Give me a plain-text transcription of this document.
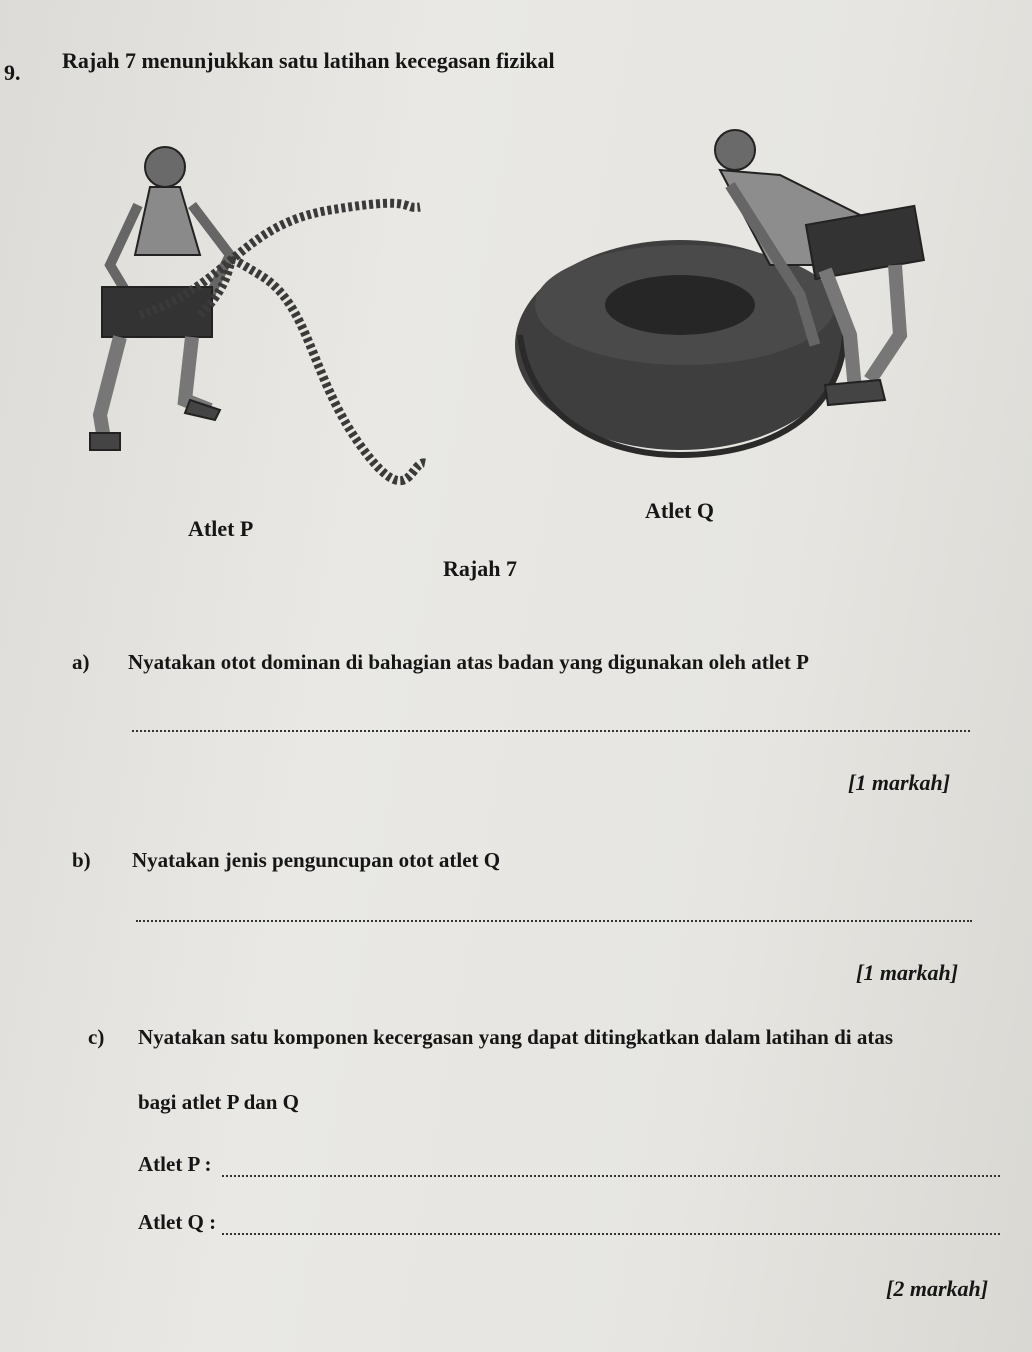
9. Rajah 7 menunjukkan satu latihan kecegasan fizikal
Atlet P
Atlet Q
Rajah 7
a) Nyatakan otot dominan di bahagian atas badan yang digunakan oleh atlet P
[1 markah]
b) Nyatakan jenis penguncupan otot atlet Q
[1 markah]
c) Nyatakan satu komponen kecergasan yang dapat ditingkatkan dalam latihan di atas
bagi atlet P dan Q
Atlet P :
Atlet Q :
[2 markah]
